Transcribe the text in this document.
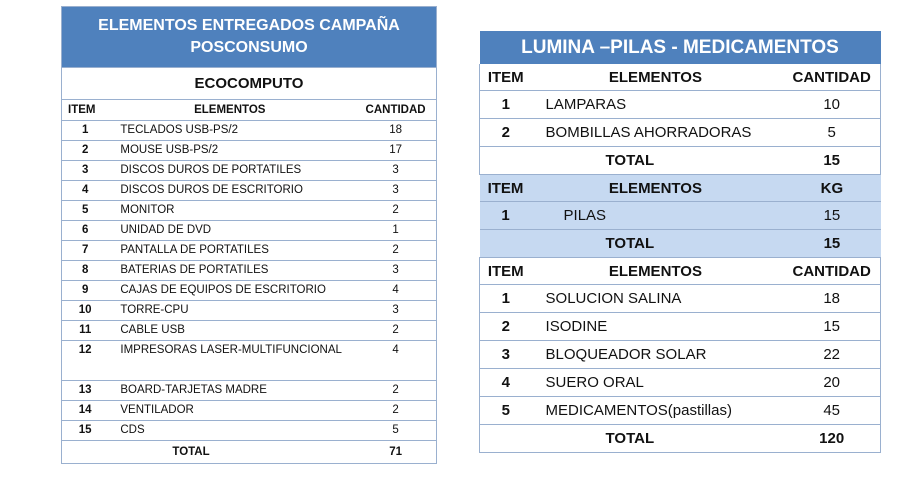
ELEMENTOS ENTREGADOS CAMPAÑA POSCONSUMO		
ECOCOMPUTO		
ITEM	ELEMENTOS	CANTIDAD
1	TECLADOS USB-PS/2	18
2	MOUSE USB-PS/2	17
3	DISCOS DUROS DE PORTATILES	3
4	DISCOS DUROS DE ESCRITORIO	3
5	MONITOR	2
6	UNIDAD DE DVD	1
7	PANTALLA DE PORTATILES	2
8	BATERIAS DE PORTATILES	3
9	CAJAS DE EQUIPOS DE ESCRITORIO	4
10	TORRE-CPU	3
11	CABLE USB	2
12	IMPRESORAS LASER-MULTIFUNCIONAL	4
13	BOARD-TARJETAS MADRE	2
14	VENTILADOR	2
15	CDS	5
	TOTAL	71
LUMINA –PILAS - MEDICAMENTOS		
ITEM	ELEMENTOS	CANTIDAD
1	LAMPARAS	10
2	BOMBILLAS AHORRADORAS	5
	TOTAL	15
ITEM	ELEMENTOS	KG
1	PILAS	15
	TOTAL	15
ITEM	ELEMENTOS	CANTIDAD
1	SOLUCION SALINA	18
2	ISODINE	15
3	BLOQUEADOR SOLAR	22
4	SUERO ORAL	20
5	MEDICAMENTOS(pastillas)	45
	TOTAL	120
